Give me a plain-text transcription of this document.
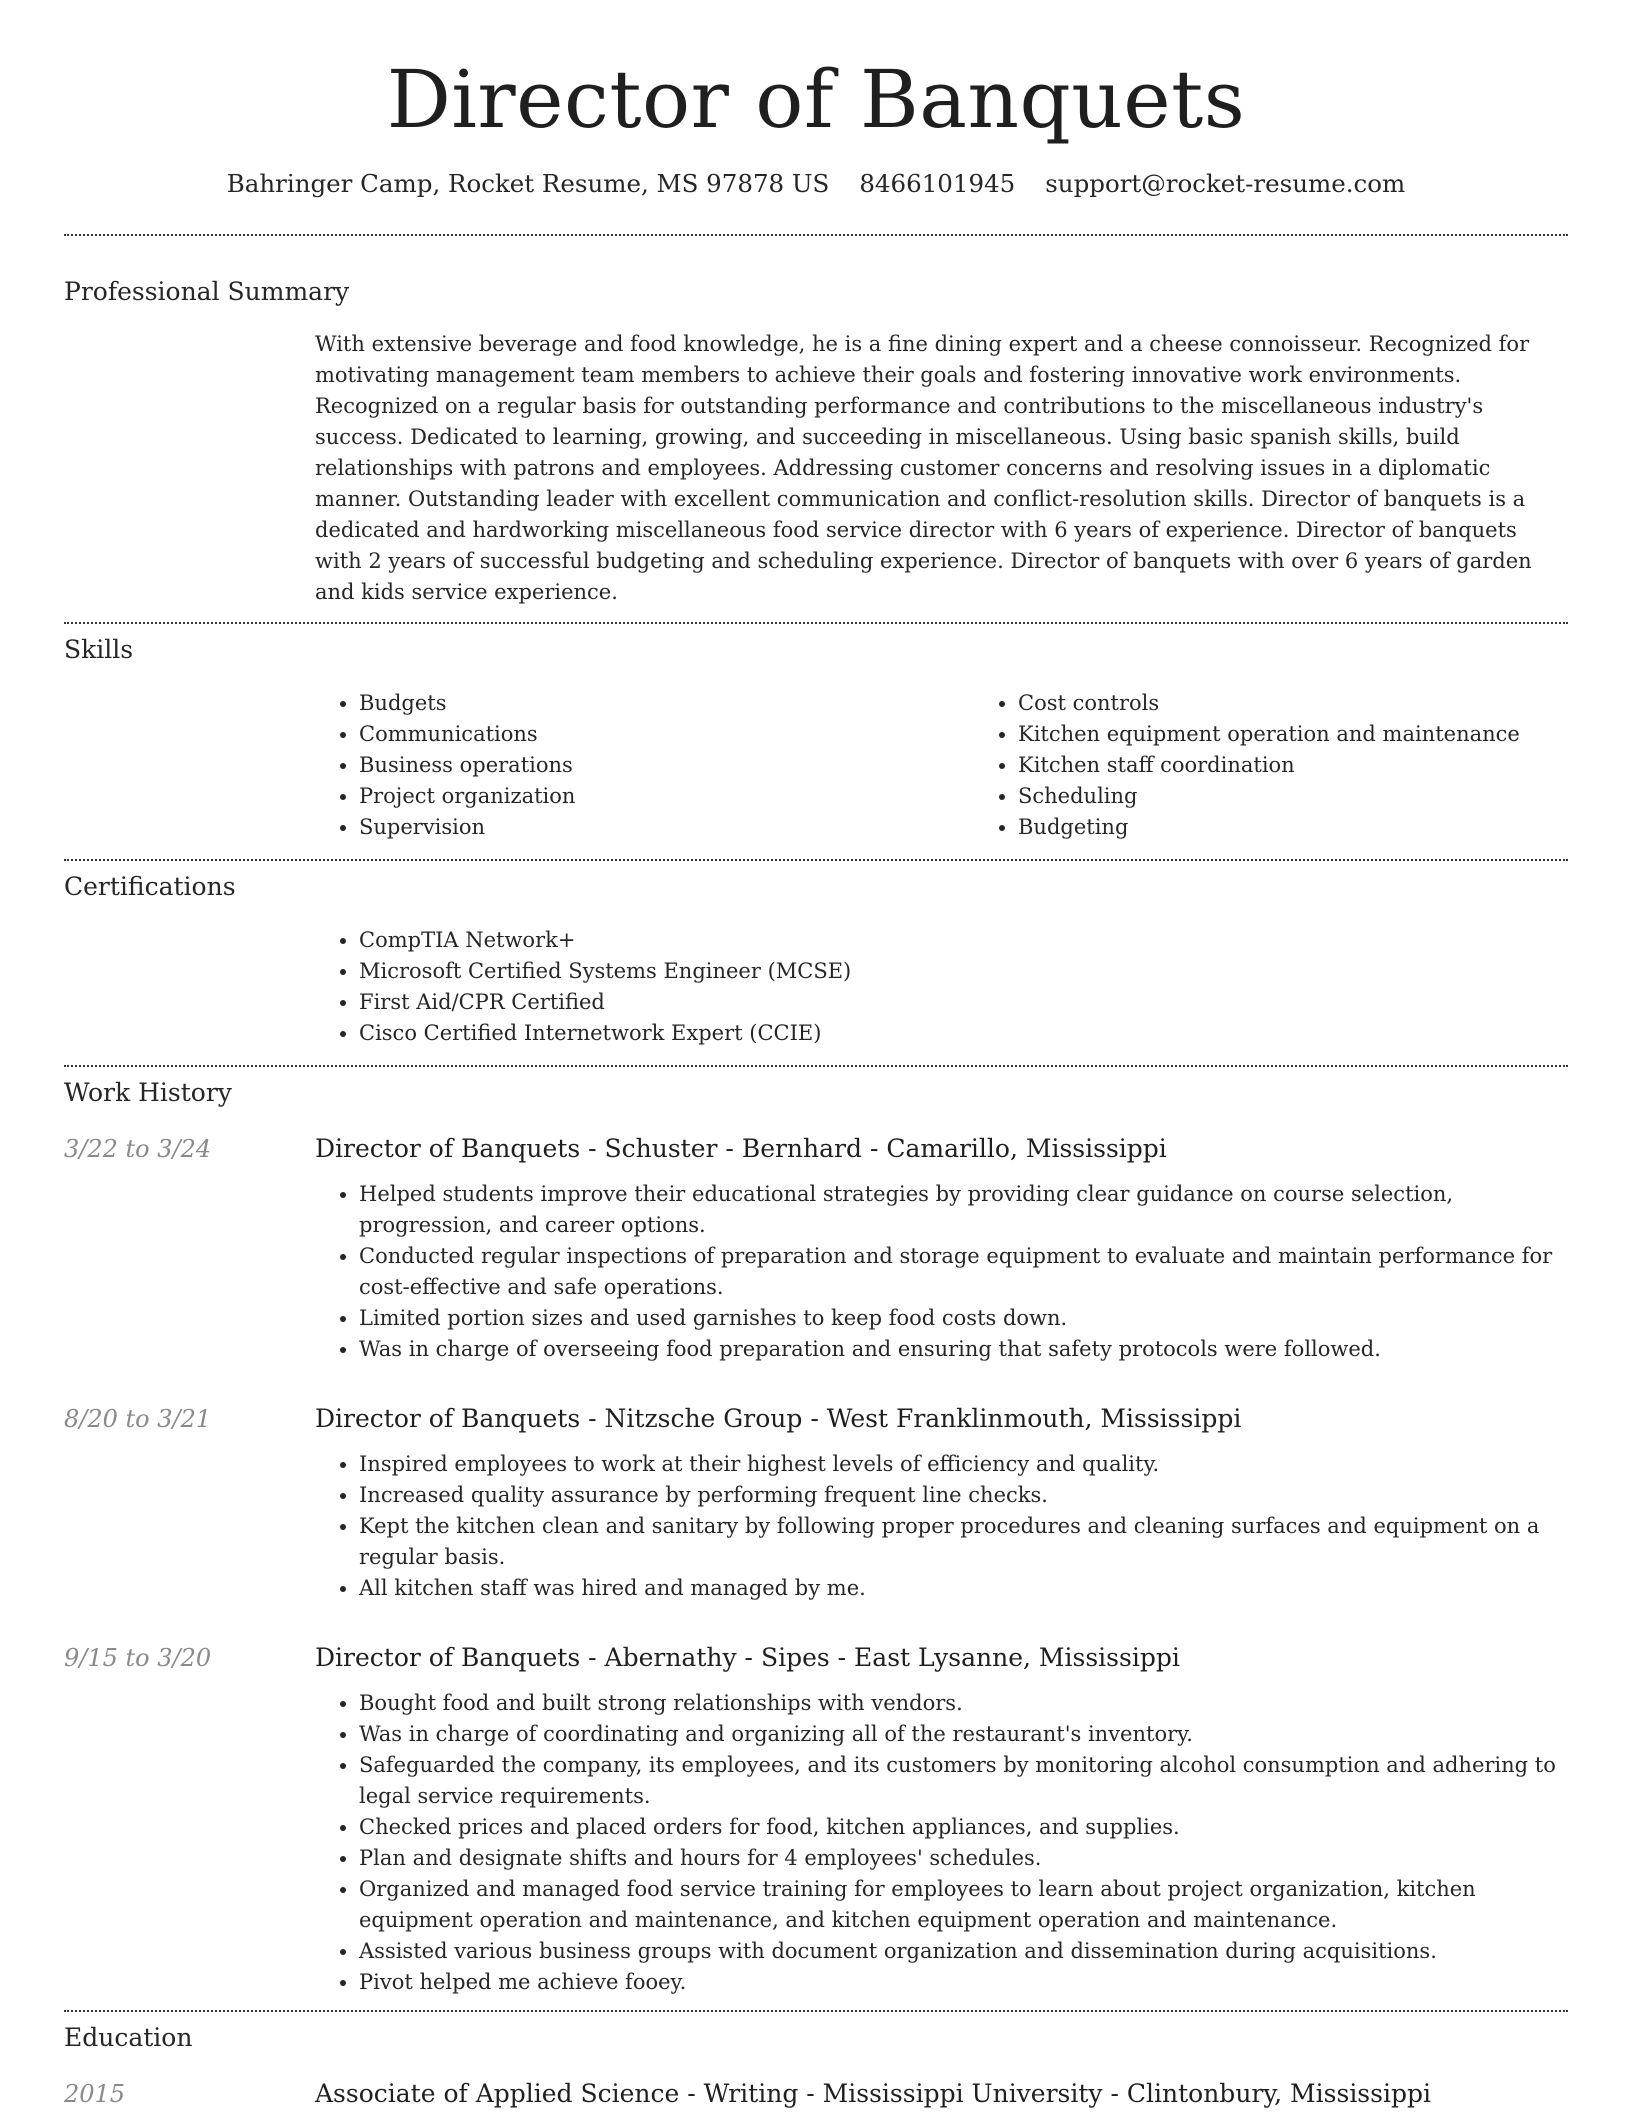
Director of Banquets
Bahringer Camp, Rocket Resume, MS 97878 US 8466101945 support@rocket-resume.com
Professional Summary

With extensive beverage and food knowledge, he is a fine dining expert and a cheese connoisseur. Recognized for motivating management team members to achieve their goals and fostering innovative work environments. Recognized on a regular basis for outstanding performance and contributions to the miscellaneous industry's success. Dedicated to learning, growing, and succeeding in miscellaneous. Using basic spanish skills, build relationships with patrons and employees. Addressing customer concerns and resolving issues in a diplomatic manner. Outstanding leader with excellent communication and conflict-resolution skills. Director of banquets is a dedicated and hardworking miscellaneous food service director with 6 years of experience. Director of banquets with 2 years of successful budgeting and scheduling experience. Director of banquets with over 6 years of garden and kids service experience.

Skills
• Budgets
• Communications
• Business operations
• Project organization
• Supervision
• Cost controls
• Kitchen equipment operation and maintenance
• Kitchen staff coordination
• Scheduling
• Budgeting
Certifications
• CompTIA Network+
• Microsoft Certified Systems Engineer (MCSE)
• First Aid/CPR Certified
• Cisco Certified Internetwork Expert (CCIE)
Work History
3/22 to 3/24	Director of Banquets - Schuster - Bernhard - Camarillo, Mississippi
• Helped students improve their educational strategies by providing clear guidance on course selection, progression, and career options.
• Conducted regular inspections of preparation and storage equipment to evaluate and maintain performance for cost-effective and safe operations.
• Limited portion sizes and used garnishes to keep food costs down.
• Was in charge of overseeing food preparation and ensuring that safety protocols were followed.
8/20 to 3/21	Director of Banquets - Nitzsche Group - West Franklinmouth, Mississippi
• Inspired employees to work at their highest levels of efficiency and quality.
• Increased quality assurance by performing frequent line checks.
• Kept the kitchen clean and sanitary by following proper procedures and cleaning surfaces and equipment on a regular basis.
• All kitchen staff was hired and managed by me.
9/15 to 3/20	Director of Banquets - Abernathy - Sipes - East Lysanne, Mississippi
• Bought food and built strong relationships with vendors.
• Was in charge of coordinating and organizing all of the restaurant's inventory.
• Safeguarded the company, its employees, and its customers by monitoring alcohol consumption and adhering to legal service requirements.
• Checked prices and placed orders for food, kitchen appliances, and supplies.
• Plan and designate shifts and hours for 4 employees' schedules.
• Organized and managed food service training for employees to learn about project organization, kitchen equipment operation and maintenance, and kitchen equipment operation and maintenance.
• Assisted various business groups with document organization and dissemination during acquisitions.
• Pivot helped me achieve fooey.
Education
2015	Associate of Applied Science - Writing - Mississippi University - Clintonbury, Mississippi
